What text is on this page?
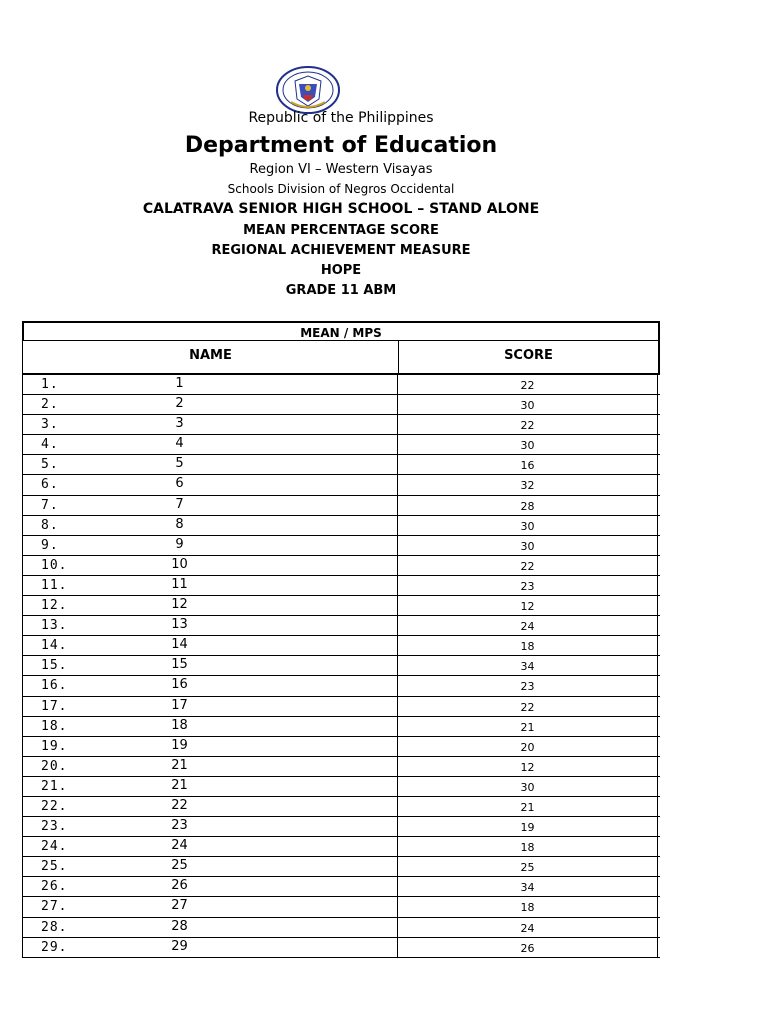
Republic of the Philippines
Department of Education
Region VI – Western Visayas
Schools Division of Negros Occidental
CALATRAVA SENIOR HIGH SCHOOL – STAND ALONE
MEAN PERCENTAGE SCORE
REGIONAL ACHIEVEMENT MEASURE
HOPE
GRADE 11 ABM
MEAN / MPS
NAME	SCORE
1.	1	22
2.	2	30
3.	3	22
4.	4	30
5.	5	16
6.	6	32
7.	7	28
8.	8	30
9.	9	30
10.	10	22
11.	11	23
12.	12	12
13.	13	24
14.	14	18
15.	15	34
16.	16	23
17.	17	22
18.	18	21
19.	19	20
20.	21	12
21.	21	30
22.	22	21
23.	23	19
24.	24	18
25.	25	25
26.	26	34
27.	27	18
28.	28	24
29.	29	26
